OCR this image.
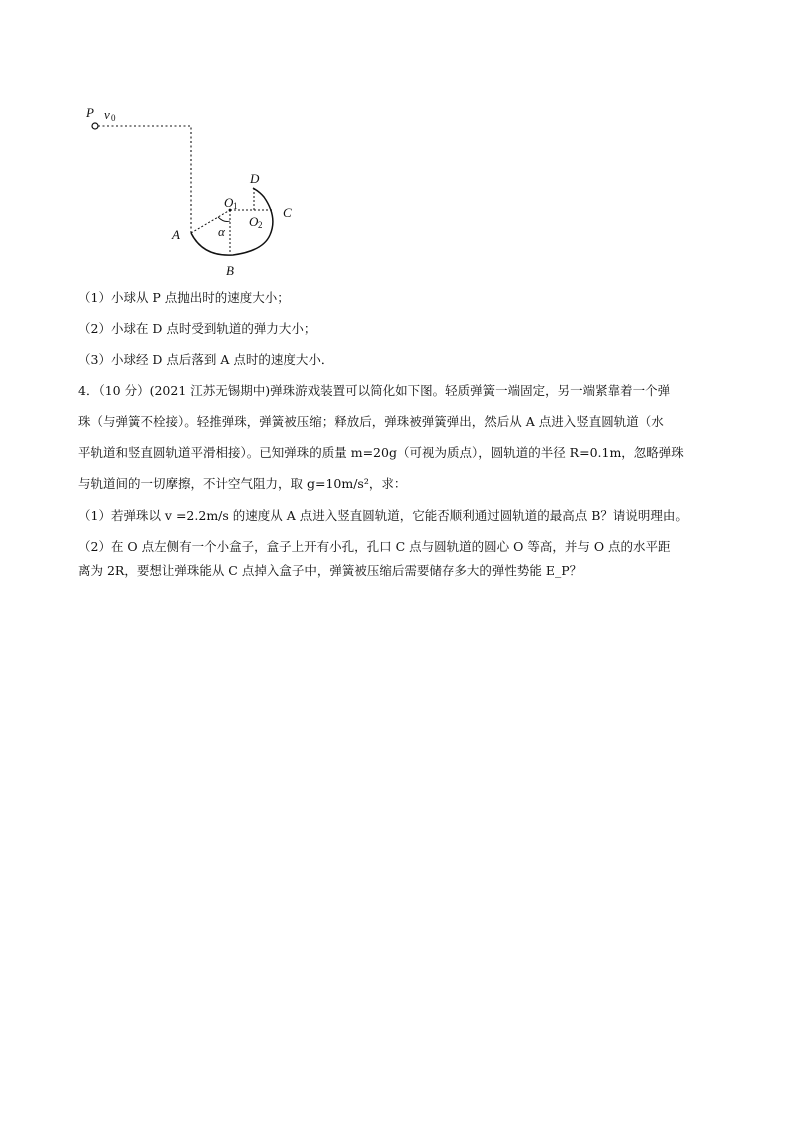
P v 0
A
B
C
D
O 1
O 2
α
（1）小球从 P 点抛出时的速度大小；
（2）小球在 D 点时受到轨道的弹力大小；
（3）小球经 D 点后落到 A 点时的速度大小．
4．（10 分）(2021 江苏无锡期中)弹珠游戏装置可以简化如下图。轻质弹簧一端固定，另一端紧靠着一个弹
珠（与弹簧不栓接）。轻推弹珠，弹簧被压缩；释放后，弹珠被弹簧弹出，然后从 A 点进入竖直圆轨道（水
平轨道和竖直圆轨道平滑相接）。已知弹珠的质量 m=20g（可视为质点），圆轨道的半径 R=0.1m，忽略弹珠
与轨道间的一切摩擦，不计空气阻力，取 g=10m/s²，求：
（1）若弹珠以 v =2.2m/s 的速度从 A 点进入竖直圆轨道，它能否顺利通过圆轨道的最高点 B？请说明理由。
（2）在 O 点左侧有一个小盒子，盒子上开有小孔，孔口 C 点与圆轨道的圆心 O 等高，并与 O 点的水平距
离为 2R，要想让弹珠能从 C 点掉入盒子中，弹簧被压缩后需要储存多大的弹性势能 E_P？
